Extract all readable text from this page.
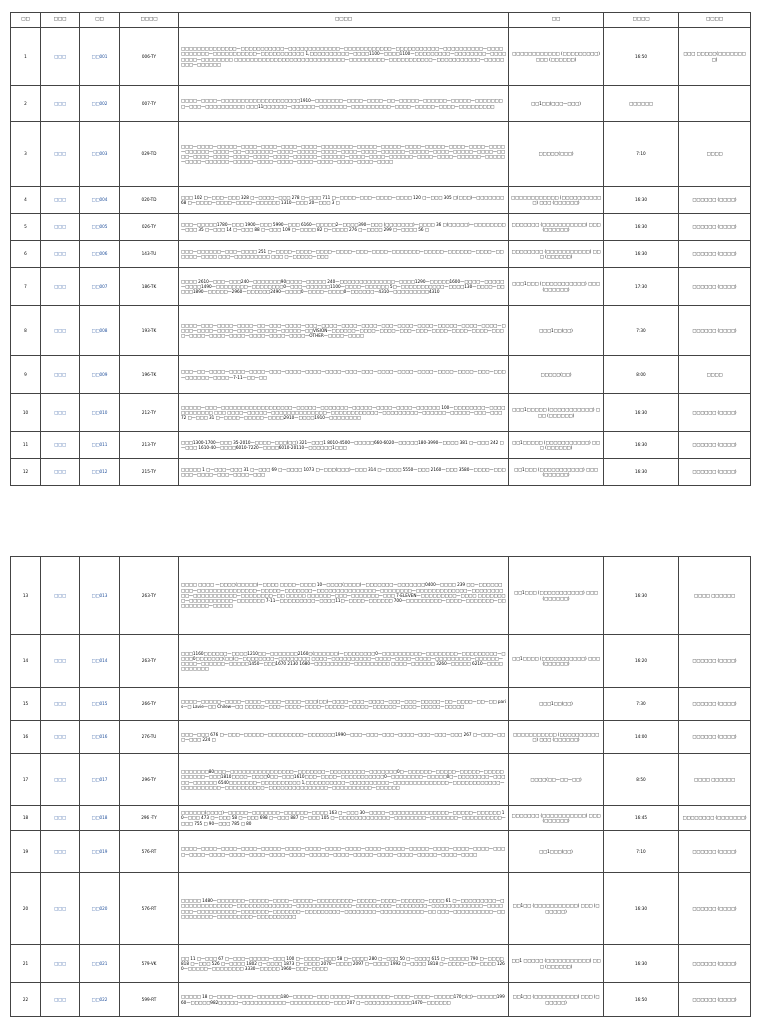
□□	□□□	□□	□□□□	□□□□	□□	□□□□	□□□□
1	□□□	□□001	006-TY	□□□□□□□□□□□□□□—□□□□□□□□□□□—□□□□□□□□□□□□□—□□□□□□□□□□□□—□□□□□□□□□□□—□□□□□□□□□□—□□□□□□□□□□□—□□□□□□□□□□□—□□□□□□□□□□□ 1,□□□□□□□□□□—□□□□1100—□□□□1100—□□□□□□□□□—□□□□□□□□—□□□□□□□□—□□□□□□□□ □□□□□□□□□□□□□□□□□□□□□□□□□□□□—□□□□□□□□□—□□□□□□□□□□□—□□□□□□□□□□□—□□□□□□□□—□□□□□□	□□□□□□□□□□□□ (□□□□□□□□□) □□□ (□□□□□□)	16:50	□□□ □□□□□(□□□□□□□□)
2	□□□	□□002	007-TY	□□□□—□□□□—□□□□□□□□□□□□□□□□□□□□1910—□□□□□□□—□□□□—□□□□—□□—□□□□□—□□□□□□—□□□□□—□□□□□□□□—□□□—□□□□□□□□□□ □□□11□□□□□□—□□□□□□—□□□□□□□—□□□□□□□□□□—□□□□—□□□□□—□□□□—□□□□□□□□□	□□1□□(□□□—□□□)	□□□□□□	
3	□□□	□□003	029-TD	□□□—□□□□—□□□□□—□□□□—□□□□—□□□□—□□□□—□□□□□□□□—□□□□□—□□□□□—□□□□—□□□□□—□□□□—□□□□—□□□□—□□□□□□—□□□□—□□—□□□□□□□—□□□□—□□□□□—□□□□—□□□□—□□□□—□□□□□□—□□□□□—□□□□—□□□□□—□□□□—□□□□—□□□□—□□□□—□□□□—□□□□—□□□□—□□□□□□—□□□□□□—□□□□—□□□□—□□□□□□—□□□□—□□□□—□□□□□□—□□□□□—□□□□—□□□□□□—□□□□□—□□□□—□□□□—□□□□—□□□□—□□□□—□□□□—□□□□	□□□□□(□□□)	7:10	□□□□
4	□□□	□□004	020-TD	□□□ 102 □—□□□—□□□ 328 □—□□□□—□□□ 278 □—□□□ 711 □—□□□□—□□□—□□□□—□□□□ 120 □—□□□ 305 □(□□□)—□□□□□□□ 68 □—□□□□—□□□□—□□□□—□□□□□□ 1310—□□□ 20—□□□ 3 □	□□□□□□□□□□□□ (□□□□□□□□□□□) □□□ (□□□□□□)	16:30	□□□□□□ (□□□□)
5	□□□	□□005	026-TY	□□□—□□□□□1780—□□□ 1900—□□□ 5990—□□□ 6160—□□□□□2—□□□□390—□□□ (□□□□□□□)—□□□□ 36 □(□□□□□)—□□□□□□□□—□□□ 35 □—□□□ 14 □—□□□ 88 □—□□□ 109 □—□□□□ 82 □—□□□□ 276 □—□□□□ 299 □—□□□□ 56 □	□□□□□□□ (□□□□□□□□□□□) □□□ (□□□□□□)	16:30	□□□□□□ (□□□□)
6	□□□	□□006	143-TU	□□□—□□□□□□—□□□—□□□□ 251 □—□□□□—□□□□—□□□□—□□□□—□□□—□□□□—□□□□□□□—□□□□□—□□□□□□—□□□□—□□□□□□—□□□□ □□□—□□□□□□□□□ □□□ □—□□□□□—□□□	□□□□□□□□ (□□□□□□□□□□□) □□□ (□□□□□□)	16:30	□□□□□□ (□□□□)
7	□□□	□□007	186-TK	□□□□ 2610—□□□—□□□240—□□□□□□□90□□□□—□□□□□ 240—□□□□□□□□□□□□□□—□□□□1290—□□□□□1600—□□□□—□□□□□—□□□□1490—□□□□□□□□—□□□□□□□□0—□□□—□□□□□□1100—□□□□—□□□□□□ 5□—□□□□□□□□□□□—□□□□130—□□□□—□□□□□1890—□□□□□—2960—□□□□□□2490—□□□□0—□□□□—□□□□0—□□□□□□—4310—□□□□□□□□□4310	□□□1□□□ (□□□□□□□□□□□) □□□ (□□□□□□)	17:30	□□□□□□ (□□□□)
8	□□□	□□008	193-TK	□□□□—□□□—□□□□—□□□□—□□—□□□—□□□□—□□□—□□□□—□□□□—□□□□—□□□—□□□□—□□□□—□□□□□—□□□□—□□□□—□□□□—□□□□—□□□□—□□□□—□□□□□—□□□□□—□□VISION—□□□□□□—□□□□—□□□□—□□□—□□□—□□□□—□□□□—□□□□—□□□□—□□□□—□□□□—□□□□—□□□□—□□□□—□□□□—OTHER—□□□□—□□□□	□□□1□□(□□)	7:30	□□□□□□ (□□□□)
9	□□□	□□009	196-TK	□□□—□□—□□□□—□□□□—□□□□—□□□—□□□□—□□□□—□□□□—□□□—□□□—□□□□—□□□□—□□□□—□□□□—□□□□—□□□—□□□—□□□□□□—□□□□—7-11—□□—□□	□□□□□(□□)	8:00	□□□□
10	□□□	□□010	212-TY	□□□□□—□□□—□□□□□□□□□□□□□□□□□□—□□□□□—□□□□□□□—□□□□□—□□□□—□□□□—□□□□□□ 100—□□□□□□□□—□□□□□□□□□□□□ □□□ □□□□—□□□□□—□□□□□□□□□□□□□□—□□□□□□□□□□□□—□□□□□□□□□—□□□□□□—□□□□□—□□□—□□□ 72 □—□□□ 31 □—□□□□—□□□□□—□□□□2910—□□□□1910—□□□□□□□□	□□□1□□□□□ (□□□□□□□□□□□) □□□ (□□□□□□)	16:30	□□□□□□ (□□□□)
11	□□□	□□011	213-TY	□□□1300-1700—□□□ 35-2010—□□□□—□□□(□□) 321—□□□1 8010-4500—□□□□□660-6020—□□□□□180-3990—□□□□ 381 □—□□□ 242 □—□□□ 1610-40—□□□□6010-7220—□□□□6010-20110—□□□□□□1□□□	□□1□□□□□ (□□□□□□□□□□□) □□□ (□□□□□□)	16:30	□□□□□□ (□□□□)
12	□□□	□□012	215-TY	□□□□□ 1 □—□□□—□□□ 31 □—□□□ 69 □—□□□□ 1073 □—□□□(□□□)—□□□ 314 □—□□□□ 5550—□□□ 2160—□□□ 3580—□□□□—□□□□□□—□□□□—□□□—□□□□—□□□	□□1□□□ (□□□□□□□□□□□) □□□ (□□□□□□)	16:30	□□□□□□ (□□□□)
13	□□□	□□013	263-TY	□□□□ □□□□ —□□□□(□□□□□)—□□□□ □□□□—□□□□ 10—□□□□(□□□□)—□□□□□□□—□□□□□□□0400—□□□□ 239 □□—□□□□□□□□□—□□□□□□□□□□□□□□□—□□□□□—□□□□□□□—□□□□□□□□□□□□□□□—□□□□□□□□—□□□□□□□□□□□□□—□□□□□□□□□□—□□□□□□□□□□□—□□□□□□□□—□□ □□□□□ □□□□□□—□□□—□□□□□□□—□□□ 7-ELEVEN—□□□□□□□□□—□□□□ □□□□□□□□—□□□□□□□□□□□—□□□□□□□ 7-11—□□□□□□□□□—□□□□11□—□□□□—□□□□□□ 700—□□□□□□□□□—□□□□—□□□□□□□—□□□□□□□□□—□□□□□	□□1□□□ (□□□□□□□□□□□) □□□ (□□□□□□)	16:30	□□□□ □□□□□□
14	□□□	□□014	263-TY	□□□1160□□□□□□—□□□□1210□□—□□□□□□□2160□(□□□□□□)—□□□□□□□□0—□□□□□□□□□□—□□□□□□□□—□□□□□□□□□—□□□□0□□□□□□□(□□)□—□□□□□□□□—□□□□□□□□ □□□□—□□□□□□□□□□—□□□□—□□□□—□□□□—□□□□□□□□□—□□□□□□—□□□□—□□□□□□—□□□□□1450—□□□1670 2130 1680—□□□□□□□□□—□□□□□□□□□ □□□□—□□□□□□ 3260—□□□□□ 6210—□□□□□□□□□□□	□□1□□□□ (□□□□□□□□□□□) □□□ (□□□□□□)	16:20	□□□□□□ (□□□□)
15	□□□	□□015	266-TY	□□□□—□□□□□—□□□□—□□□□—□□□□—□□□□—□□□(□□)—□□□□—□□□—□□□□—□□□—□□□—□□□□□—□□—□□□□—□□—□□ paris—□ Lavie—□□ Chilew—□□ □□□□□—□□□—□□□□—□□□□—□□□□□—□□□□□—□□□□□□—□□□□—□□□□□—□□□□□	□□□1□□(□□)	7:30	□□□□□□ (□□□□)
16	□□□	□□016	276-TU	□□□—□□□ 676 □—□□□—□□□□□—□□□□□□□□□—□□□□□□□1990—□□□—□□□—□□□—□□□□—□□□—□□□—□□□ 267 □—□□□—□□□—□□□ 224 □	□□□□□□□□□□□ (□□□□□□□□□□□) □□□ (□□□□□□)	14:00	□□□□□□ (□□□□)
17	□□□	□□017	296-TY	□□□□□□□80□□□—□□□□□□□□□□□□□□□□—□□□□□□□—□□□□□□□□□—□□□□□□□0□—□□□□□□—□□□□□—□□□□□—□□□□□□□□□□□—□□□1810□□□□—□□□□0□□—□□□1610□□□—□□□□—□□□□□□□□□□□0—□□□□□□□□—□□□□□0□—□□□□□□□□—□□□□□—□□□□□□ 6540□□□□□□□—□□□□□□□□□□ 1,□□□□□□□□□□—□□□□□□□□□□—□□□□□□□□□□□□□□—□□□□□□□□□□□□—□□□□□□□□□□—□□□□□□□□□□—□□□□□□□□□□□□□□□—□□□□□□□□□□—□□□□□□	□□□□(□□—□□—□□)	8:50	□□□□ □□□□□□
18	□□□	□□018	296 -TY	□□□□□□(□□□□)—□□□□□—□□□□□□□—□□□□□□—□□□□ 163 □—□□□ 30—□□□□—□□□□□□□□□□□□□□□—□□□□□—□□□□□□ 10—□□□ 473 □—□□□ 58 □—□□□ 698 □—□□□ 887 □—□□□ 105 □—□□□□□□□□□□□□□—□□□□□□□□—□□□□□□□—□□□□□□□□□□—□□□ 755 □ 90—□□□ 785 □ 80	□□□□□□□ (□□□□□□□□□□□) □□□ (□□□□□□)	16:45	□□□□□□□□ (□□□□□□□)
19	□□□	□□019	576-RT	□□□□—□□□□—□□□□—□□□□—□□□□□—□□□□—□□□□—□□□□—□□□□—□□□□—□□□□□—□□□□□—□□□□—□□□□—□□□□—□□□□—□□□□—□□□□—□□□□—□□□□—□□□□—□□□□—□□□□□—□□□□—□□□□□—□□□□—□□□□—□□□□□—□□□□—□□□□	□□1□□□(□□)	7:10	□□□□□□ (□□□□)
20	□□□	□□020	576-RT	□□□□□ 1480—□□□□□□□—□□□□□—□□□□—□□□□□—□□□□□□□□□—□□□□□—□□□□—□□□□□□—□□□□ 61 □—□□□□□□□□□—□□□□□□□□□□□□□□—□□□□□□□□□□□□□□—□□□□□□□□□□□□□□—□□□□□□□□□—□□□□□□□□—□□□□□□□□□□□□□—□□□□□□□—□□□□□□□□□□—□□□□□□□—□□□□□□□—□□□□□□□□□—□□□□□□□□—□□□□□□□□□□□—□□ □□□—□□□□□□□□□□—□□□□□□□□□□—□□□□□□□□□—□□□□□□□□□□	□□1□□ (□□□□□□□□□□□) □□□ (□□□□□□)	16:30	□□□□□□ (□□□□)
21	□□□	□□021	579-VK	□□ 11 □—□□□ 67 □—□□□—□□□□□—□□□ 100 □—□□□□—□□□ 58 □—□□□□ 280 □—□□□ 50 □—□□□□ 615 □—□□□□□ 790 □—□□□□ 818 □—□□□ 526 □—□□□□ 1802 □—□□□□ 1873 □—□□□□ 2070—□□□□ 2097 □—□□□□ 1992 □—□□□□ 1818 □—□□□□—□□—□□□□ 1260—□□□□□—□□□□□□□□ 3330—□□□□□ 1960—□□□—□□□□	□□1 □□□□□ (□□□□□□□□□□□) □□□ (□□□□□□)	16:30	□□□□□□ (□□□□)
22	□□□	□□022	599-RT	□□□□□ 18 □—□□□□—□□□□—□□□□□□180—□□□□□—□□□ □□□□□—□□□□□□□□□—□□□□—□□□□—□□□□□170□(□)—□□□□□19960—□□□□□982□□□□□—□□□□□□□□□□□—□□□□□□□□□□—□□□ 207 □—□□□□□□□□□□□□1470—□□□□□□	□□1□□ (□□□□□□□□□□□) □□□ (□□□□□□)	16:50	□□□□□□ (□□□□)
